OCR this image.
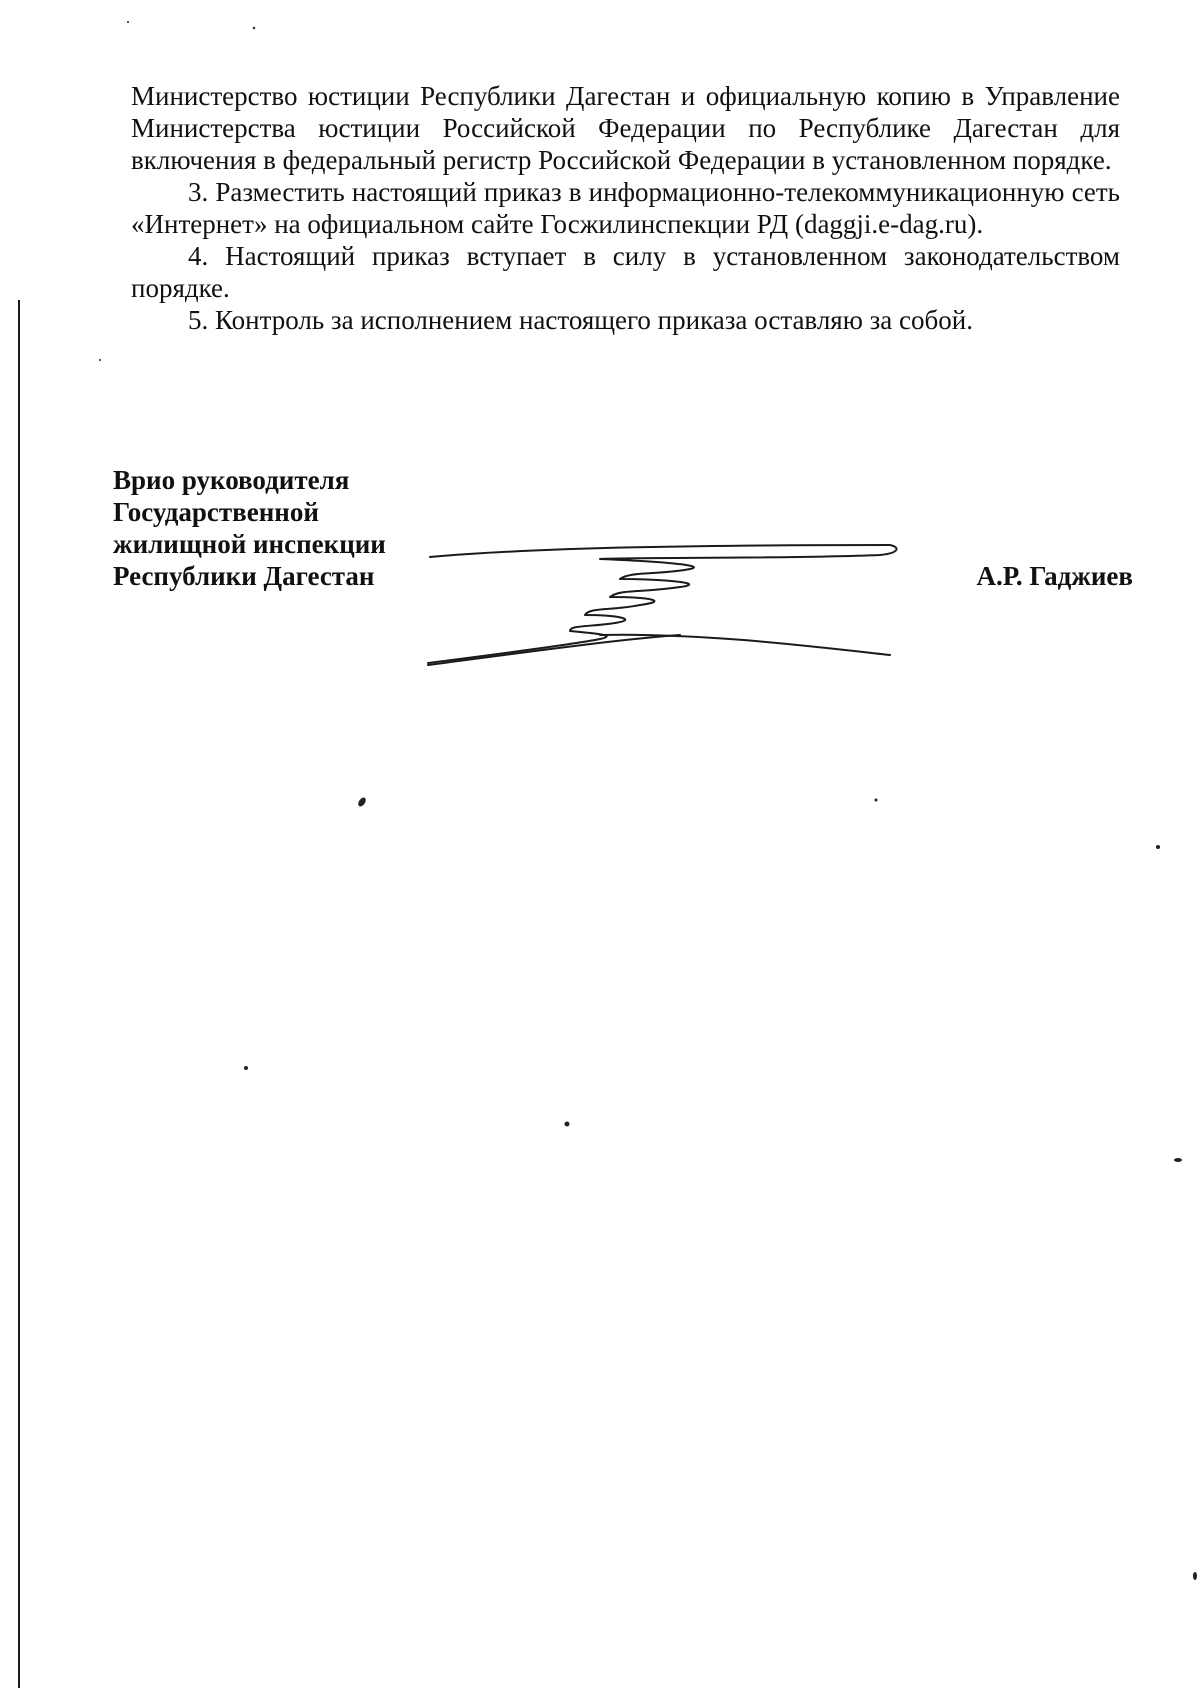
Министерство юстиции Республики Дагестан и официальную копию в Управление Министерства юстиции Российской Федерации по Республике Дагестан для включения в федеральный регистр Российской Федерации в установленном порядке.

3. Разместить настоящий приказ в информационно-телекоммуникационную сеть «Интернет» на официальном сайте Госжилинспекции РД (daggji.e-dag.ru).

4. Настоящий приказ вступает в силу в установленном законодательством порядке.

5. Контроль за исполнением настоящего приказа оставляю за собой.

Врио руководителя
Государственной
жилищной инспекции
Республики Дагестан	А.Р. Гаджиев
